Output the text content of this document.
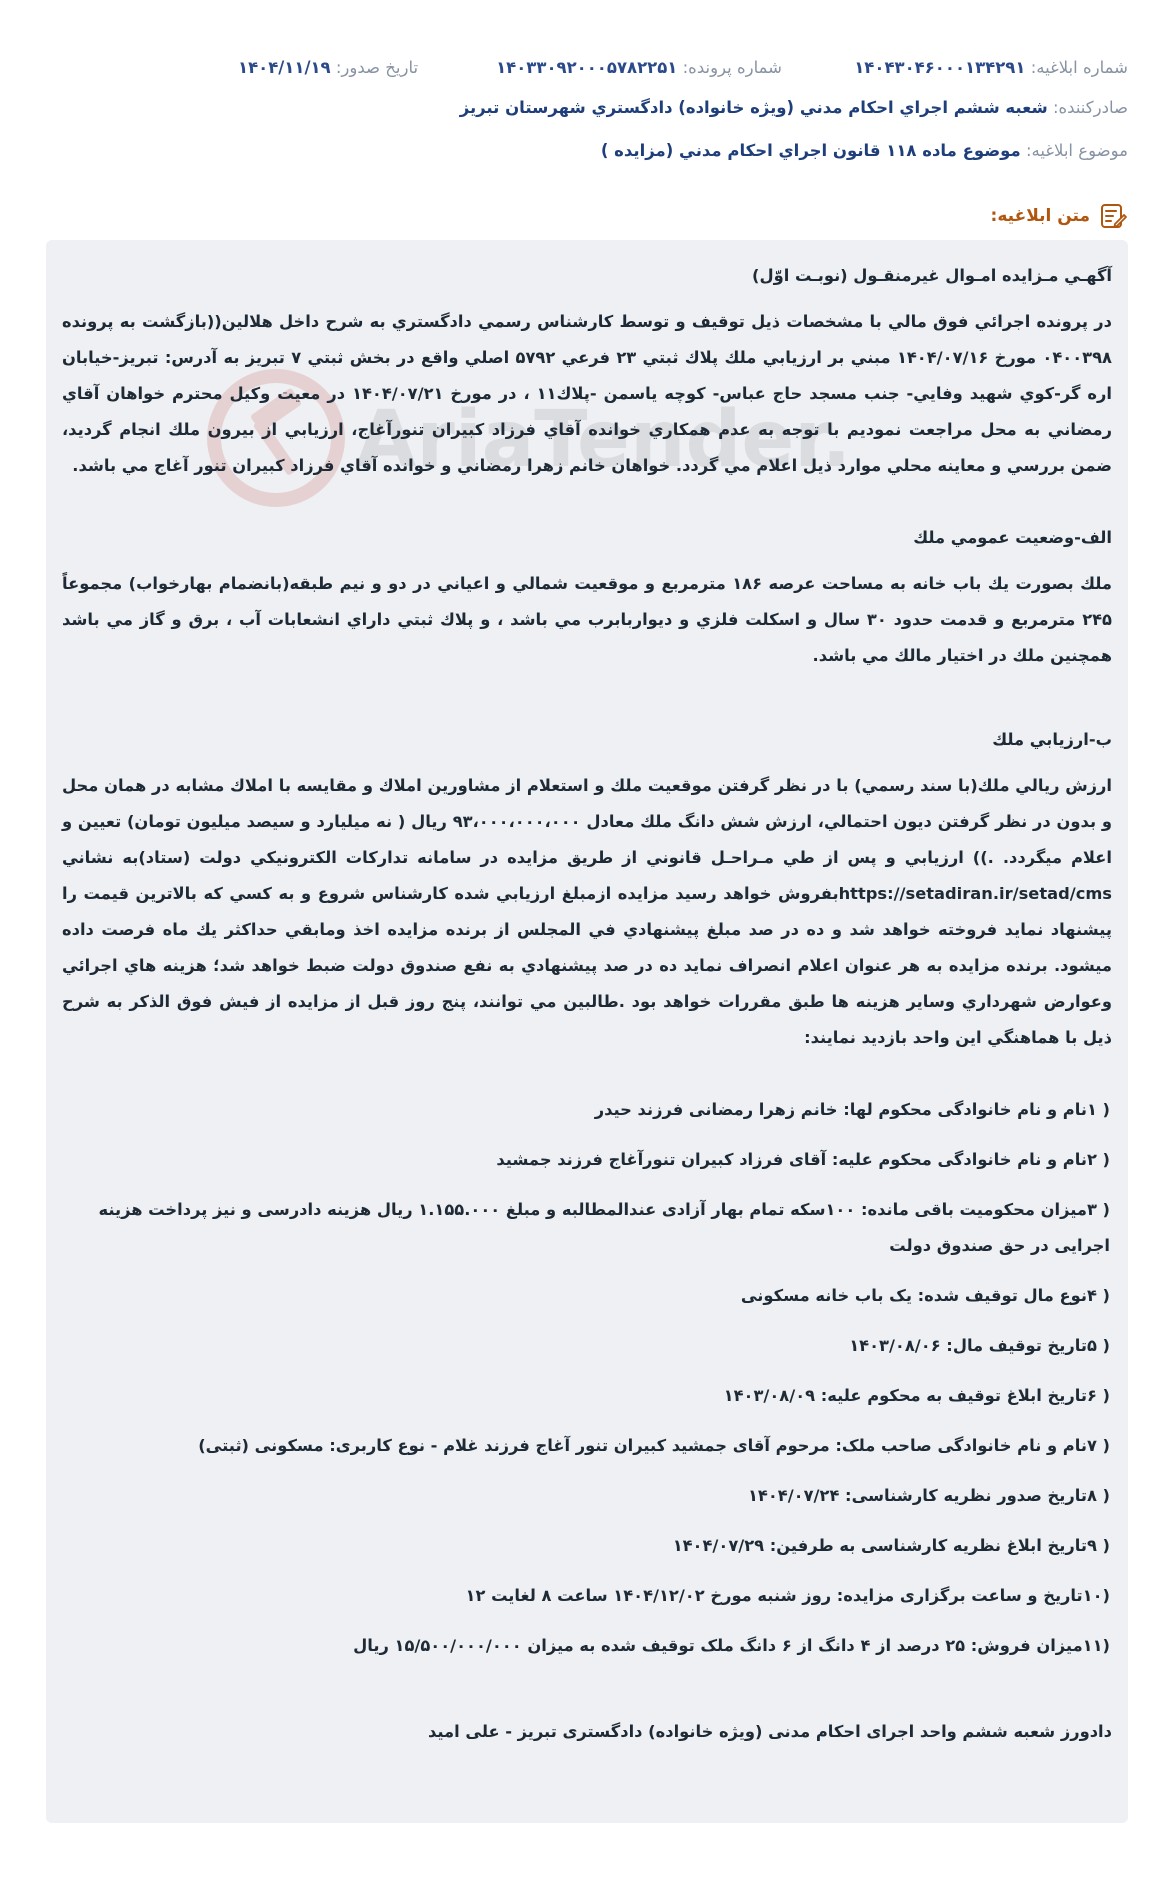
شماره ابلاغيه: ۱۴۰۴۳۰۴۶۰۰۰۱۳۴۲۹۱
شماره پرونده: ۱۴۰۳۳۰۹۲۰۰۰۵۷۸۲۲۵۱
تاريخ صدور: ۱۴۰۴/۱۱/۱۹
صادرکننده: شعبه ششم اجراي احكام مدني (ويژه خانواده) دادگستري شهرستان تبريز
موضوع ابلاغيه: موضوع ماده ۱۱۸ قانون اجراي احكام مدني (مزايده )
متن ابلاغيه:
AriaTender
آگهـي مـزايده امـوال غيرمنقـول (نوبـت اوّل)
در پرونده اجرائي فوق مالي با مشخصات ذيل توقيف و توسط كارشناس رسمي دادگستري به شرح داخل هلالين((بازگشت به پرونده ۰۴۰۰۳۹۸ مورخ ۱۴۰۴/۰۷/۱۶ مبني بر ارزيابي ملك پلاك ثبتي ۲۳ فرعي ۵۷۹۲ اصلي واقع در بخش ثبتي ۷ تبريز به آدرس: تبريز-خيابان اره گر-كوي شهيد وفايي- جنب مسجد حاج عباس- كوچه ياسمن -پلاك۱۱ ، در مورخ ۱۴۰۴/۰۷/۲۱ در معيت وكيل محترم خواهان آقاي رمضاني به محل مراجعت نموديم با توجه به عدم همكاري خوانده آقاي فرزاد كبيران تنورآغاج، ارزيابي از بيرون ملك انجام گرديد، ضمن بررسي و معاينه محلي موارد ذيل اعلام مي گردد. خواهان خانم زهرا رمضاني و خوانده آقاي فرزاد كبيران تنور آغاج مي باشد.
الف-وضعيت عمومي ملك
ملك بصورت يك باب خانه به مساحت عرصه ۱۸۶ مترمربع و موقعيت شمالي و اعياني در دو و نيم طبقه(بانضمام بهارخواب) مجموعاً ۲۴۵ مترمربع و قدمت حدود ۳۰ سال و اسكلت فلزي و ديواربابرب مي باشد ، و پلاك ثبتي داراي انشعابات آب ، برق و گاز مي باشد همچنين ملك در اختيار مالك مي باشد.
ب-ارزيابي ملك
ارزش ريالي ملك(با سند رسمي) با در نظر گرفتن موقعيت ملك و استعلام از مشاورين املاك و مقايسه با املاك مشابه در همان محل و بدون در نظر گرفتن ديون احتمالي، ارزش شش دانگ ملك معادل ۹۳،۰۰۰،۰۰۰،۰۰۰ ريال ( نه ميليارد و سيصد ميليون تومان) تعيين و اعلام ميگردد. .)) ارزيابي و پس از طي مـراحـل قانوني از طريق مزايده در سامانه تداركات الكترونيكي دولت (ستاد)به نشاني https://setadiran.ir/setad/cmsبفروش خواهد رسيد مزايده ازمبلغ ارزيابي شده كارشناس شروع و به كسي كه بالاترين قيمت را پيشنهاد نمايد فروخته خواهد شد و ده در صد مبلغ پيشنهادي في المجلس از برنده مزايده اخذ ومابقي حداكثر يك ماه فرصت داده ميشود. برنده مزايده به هر عنوان اعلام انصراف نمايد ده در صد پيشنهادي به نفع صندوق دولت ضبط خواهد شد؛ هزينه هاي اجرائي وعوارض شهرداري وساير هزينه ها طبق مقررات خواهد بود .طالبين مي توانند، پنج روز قبل از مزايده از فيش فوق الذكر به شرح ذيل با هماهنگي اين واحد بازديد نمايند:
( ۱نام و نام خانوادگی محکوم لها: خانم زهرا رمضانی فرزند حیدر
( ۲نام و نام خانوادگی محکوم علیه: آقای فرزاد کبیران تنورآغاج فرزند جمشید
( ۳میزان محکومیت باقی مانده: ۱۰۰سکه تمام بهار آزادی عندالمطالبه و مبلغ ۱.۱۵۵.۰۰۰ ریال هزینه دادرسی و نیز پرداخت هزینه اجرایی در حق صندوق دولت
( ۴نوع مال توقیف شده: یک باب خانه مسکونی
( ۵تاریخ توقیف مال: ۱۴۰۳/۰۸/۰۶
( ۶تاریخ ابلاغ توقیف به محکوم علیه: ۱۴۰۳/۰۸/۰۹
( ۷نام و نام خانوادگی صاحب ملک: مرحوم آقای جمشید کبیران تنور آغاج فرزند غلام - نوع کاربری: مسکونی (ثبتی)
( ۸تاریخ صدور نظریه کارشناسی: ۱۴۰۴/۰۷/۲۴
( ۹تاریخ ابلاغ نظریه کارشناسی به طرفین: ۱۴۰۴/۰۷/۲۹
(۱۰تاریخ و ساعت برگزاری مزایده: روز شنبه مورخ ۱۴۰۴/۱۲/۰۲ ساعت ۸ لغایت ۱۲
(۱۱میزان فروش: ۲۵ درصد از ۴ دانگ از ۶ دانگ ملک توقیف شده به میزان ۱۵/۵۰۰/۰۰۰/۰۰۰ ریال
دادورز شعبه ششم واحد اجرای احکام مدنی (ویژه خانواده) دادگستری تبریز - علی امید
